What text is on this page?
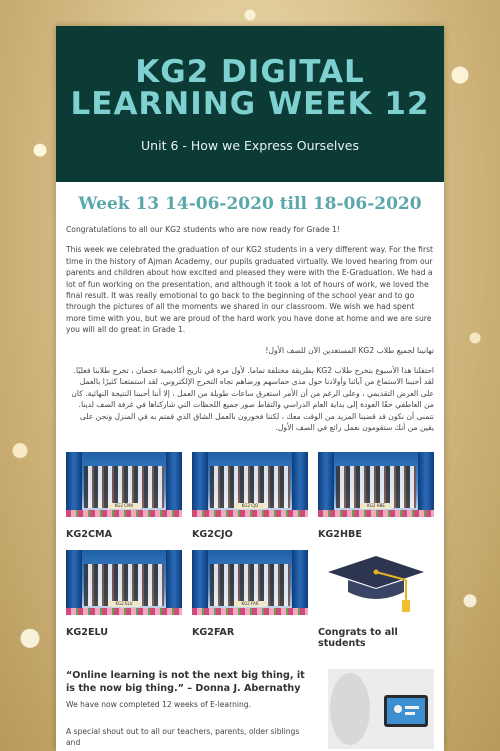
KG2 DIGITAL LEARNING WEEK 12
Unit 6 - How we Express Ourselves
Week 13 14-06-2020 till 18-06-2020

Congratulations to all our KG2 students who are now ready for Grade 1!

This week we celebrated the graduation of our KG2 students in a very different way. For the first time in the history of Ajman Academy, our pupils graduated virtually. We loved hearing from our parents and children about how excited and pleased they were with the E-Graduation. We had a lot of fun working on the presentation, and although it took a lot of hours of work, we loved the final result. It was really emotional to go back to the beginning of the school year and to go through the pictures of all the moments we shared in our classroom. We wish we had spent more time with you, but we are proud of the hard work you have done at home and we are sure you will all do great in Grade 1.

تهانينا لجميع طلاب KG2 المستعدين الآن للصف الأول!

احتفلنا هذا الأسبوع بتخرج طلاب KG2 بطريقة مختلفة تماما. لأول مرة في تاريخ أكاديمية عجمان ، تخرج طلابنا فعليًا. لقد أحببنا الاستماع من آبائنا وأولادنا حول مدى حماسهم ورضاهم تجاه التخرج الإلكتروني. لقد استمتعنا كثيرًا بالعمل على العرض التقديمي ، وعلى الرغم من أن الأمر استغرق ساعات طويلة من العمل ، إلا أننا أحببنا النتيجة النهائية. كان من العاطفي حقًا العودة إلى بداية العام الدراسي والتقاط صور جميع اللحظات التي شاركناها في غرفة الصف لدينا. نتمنى أن نكون قد قضينا المزيد من الوقت معك ، لكننا فخورون بالعمل الشاق الذي قمتم به في المنزل ونحن على يقين من أنك ستقومون بعمل رائع في الصف الأول.

KG2 CMA
KG2CMA
KG2 CJO
KG2CJO
KG2 HBE
KG2HBE
KG2 ELU
KG2ELU
KG2 FAR
KG2FAR	Congrats to all students
“Online learning is not the next big thing, it is the now big thing.” – Donna J. Abernathy

We have now completed 12 weeks of E-learning.

A special shout out to all our teachers, parents, older siblings and
